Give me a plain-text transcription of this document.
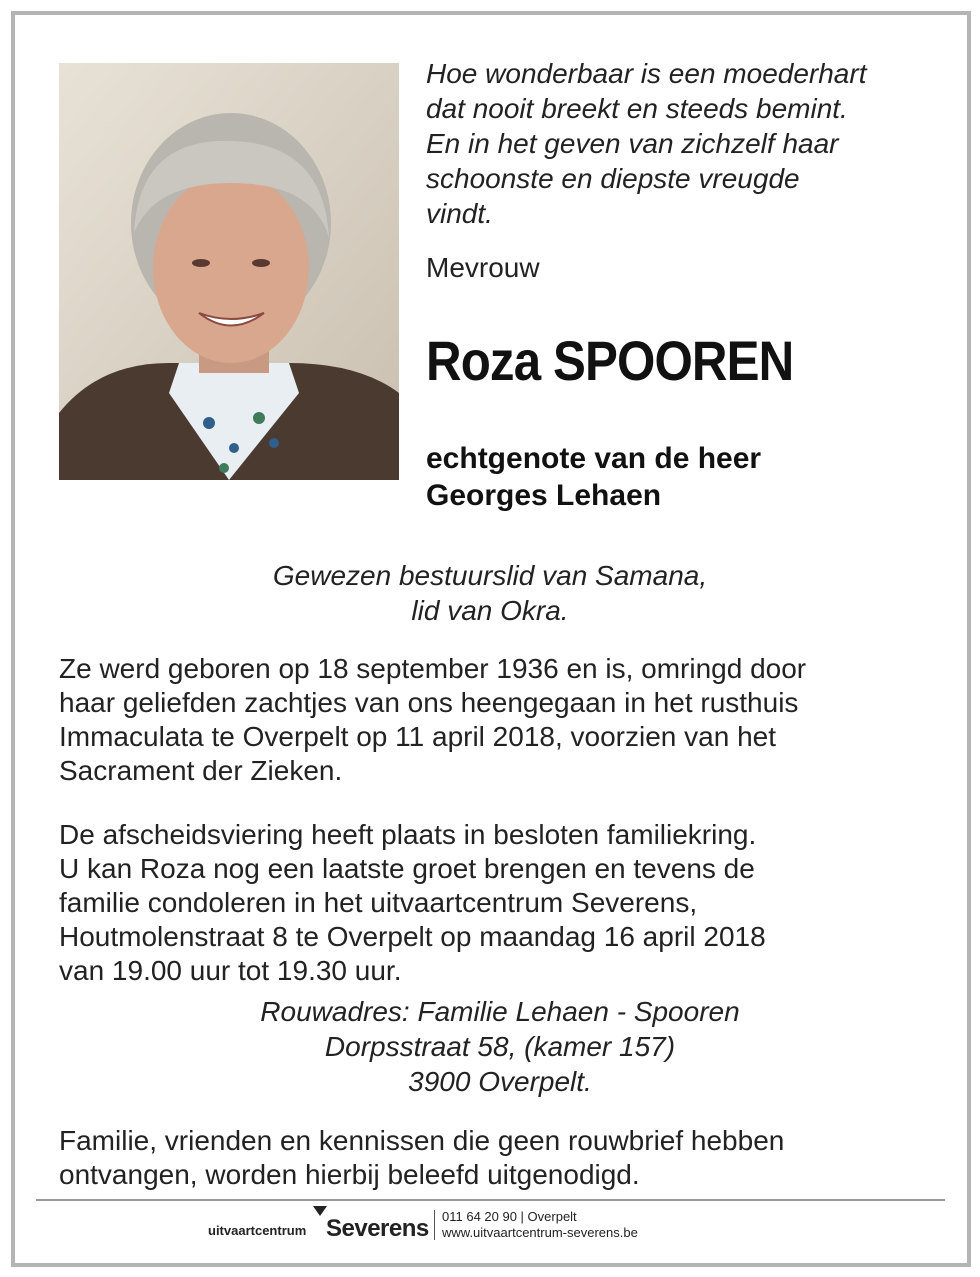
Hoe wonderbaar is een moederhart
dat nooit breekt en steeds bemint.
En in het geven van zichzelf haar
schoonste en diepste vreugde
vindt.
Mevrouw
Roza SPOOREN
echtgenote van de heer
Georges Lehaen
Gewezen bestuurslid van Samana,
lid van Okra.
Ze werd geboren op 18 september 1936 en is, omringd door
haar geliefden zachtjes van ons heengegaan in het rusthuis
Immaculata te Overpelt op 11 april 2018, voorzien van het
Sacrament der Zieken.
De afscheidsviering heeft plaats in besloten familiekring.
U kan Roza nog een laatste groet brengen en tevens de
familie condoleren in het uitvaartcentrum Severens,
Houtmolenstraat 8 te Overpelt op maandag 16 april 2018
van 19.00 uur tot 19.30 uur.
Rouwadres: Familie Lehaen - Spooren
Dorpsstraat 58, (kamer 157)
3900 Overpelt.
Familie, vrienden en kennissen die geen rouwbrief hebben
ontvangen, worden hierbij beleefd uitgenodigd.
uitvaartcentrum Severens 011 64 20 90 | Overpelt
www.uitvaartcentrum-severens.be
